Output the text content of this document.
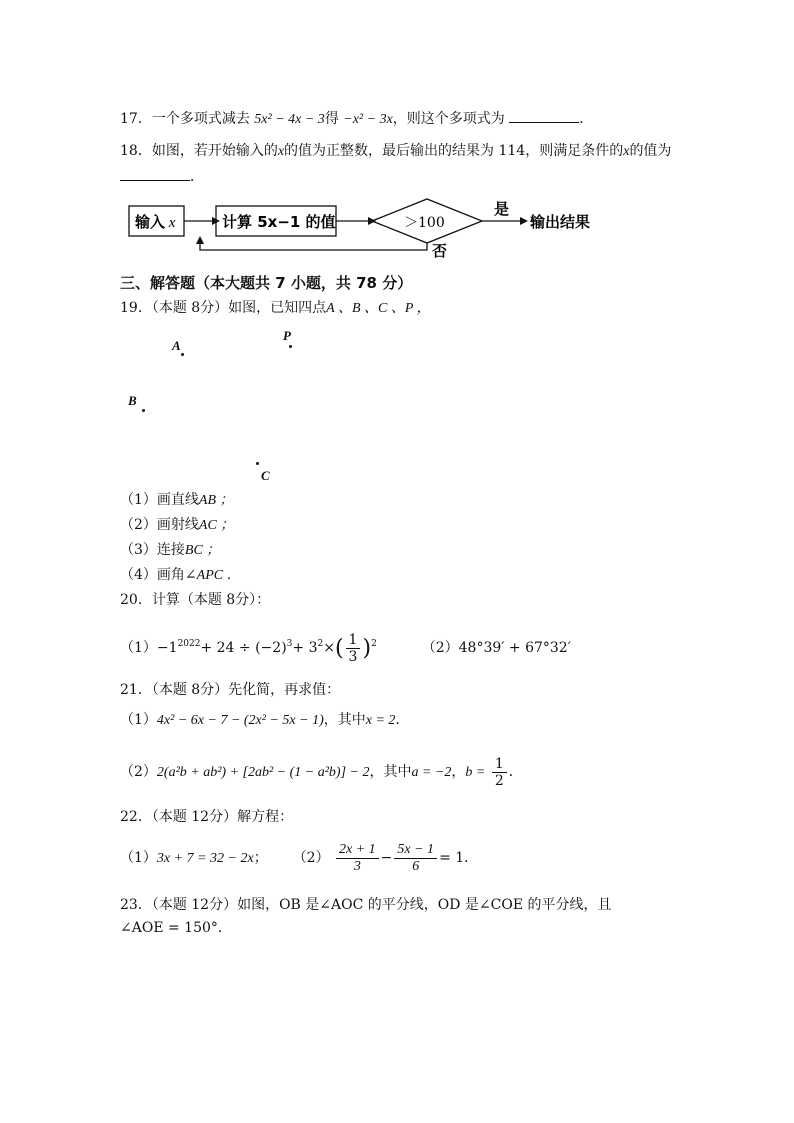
17．一个多项式减去 5x² − 4x − 3得 −x² − 3x，则这个多项式为	．
18．如图，若开始输入的x的值为正整数，最后输出的结果为 114，则满足条件的x的值为
．
输入 x	计算 5x−1 的值	＞100
是
输出结果
否
三、解答题（本大题共 7 小题，共 78 分）
19．（本题 8分）如图，已知四点A 、B 、C 、P ，
A
P
B
C
（1）画直线AB ；
（2）画射线AC ；
（3）连接BC ；
（4）画角∠APC ．
20．计算（本题 8分）：
$(1)-1^{2022}+ 24 \div (-2)^3+ 3^2\times( \frac{1}{3} )^2$	（2）48°39′ + 67°32′
21．（本题 8分）先化简，再求值：
（1）4x² − 6x − 7 − (2x² − 5x − 1)，其中x = 2．
（2）2(a²b + ab²) + [2ab² − (1 − a²b)] − 2，其中a = −2，$b = \frac{1}{2}$ ．
22．（本题 12分）解方程：
（1）3x + 7 = 32 − 2x； $(2) \frac{2x + 1}{3} - \frac{5x - 1}{6} = 1$．
23．（本题 12分）如图，OB 是∠AOC 的平分线，OD 是∠COE 的平分线，且
∠AOE = 150°．
